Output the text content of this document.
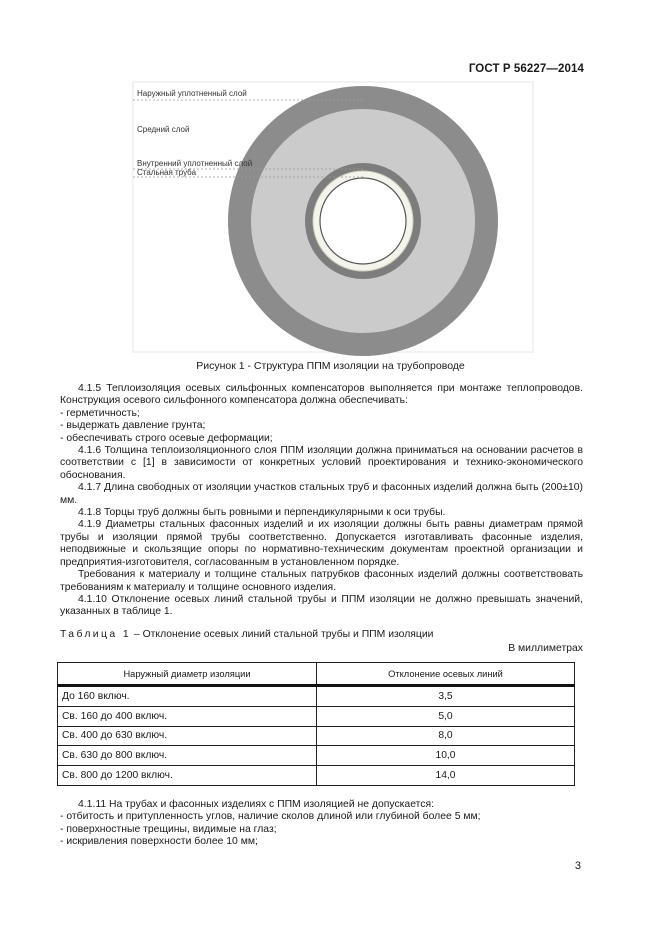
ГОСТ Р 56227—2014
Наружный уплотненный слой
Средний слой
Внутренний уплотненный слой
Стальная труба
Рисунок 1 - Структура ППМ изоляции на трубопроводе

4.1.5 Теплоизоляция осевых сильфонных компенсаторов выполняется при монтаже теплопроводов. Конструкция осевого сильфонного компенсатора должна обеспечивать:

- герметичность;

- выдержать давление грунта;

- обеспечивать строго осевые деформации;

4.1.6 Толщина теплоизоляционного слоя ППМ изоляции должна приниматься на основании расчетов в соответствии с [1] в зависимости от конкретных условий проектирования и технико-экономического обоснования.

4.1.7 Длина свободных от изоляции участков стальных труб и фасонных изделий должна быть (200±10) мм.

4.1.8 Торцы труб должны быть ровными и перпендикулярными к оси трубы.

4.1.9 Диаметры стальных фасонных изделий и их изоляции должны быть равны диаметрам прямой трубы и изоляции прямой трубы соответственно. Допускается изготавливать фасонные изделия, неподвижные и скользящие опоры по нормативно-техническим документам проектной организации и предприятия-изготовителя, согласованным в установленном порядке.

Требования к материалу и толщине стальных патрубков фасонных изделий должны соответствовать требованиям к материалу и толщине основного изделия.

4.1.10 Отклонение осевых линий стальной трубы и ППМ изоляции не должно превышать значений, указанных в таблице 1.

Таблица 1 – Отклонение осевых линий стальной трубы и ППМ изоляции

В миллиметрах

Наружный диаметр изоляции	Отклонение осевых линий
До 160 включ.	3,5
Св. 160 до 400 включ.	5,0
Св. 400 до 630 включ.	8,0
Св. 630 до 800 включ.	10,0
Св. 800 до 1200 включ.	14,0

4.1.11 На трубах и фасонных изделиях с ППМ изоляцией не допускается:

- отбитость и притупленность углов, наличие сколов длиной или глубиной более 5 мм;

- поверхностные трещины, видимые на глаз;

- искривления поверхности более 10 мм;

3
